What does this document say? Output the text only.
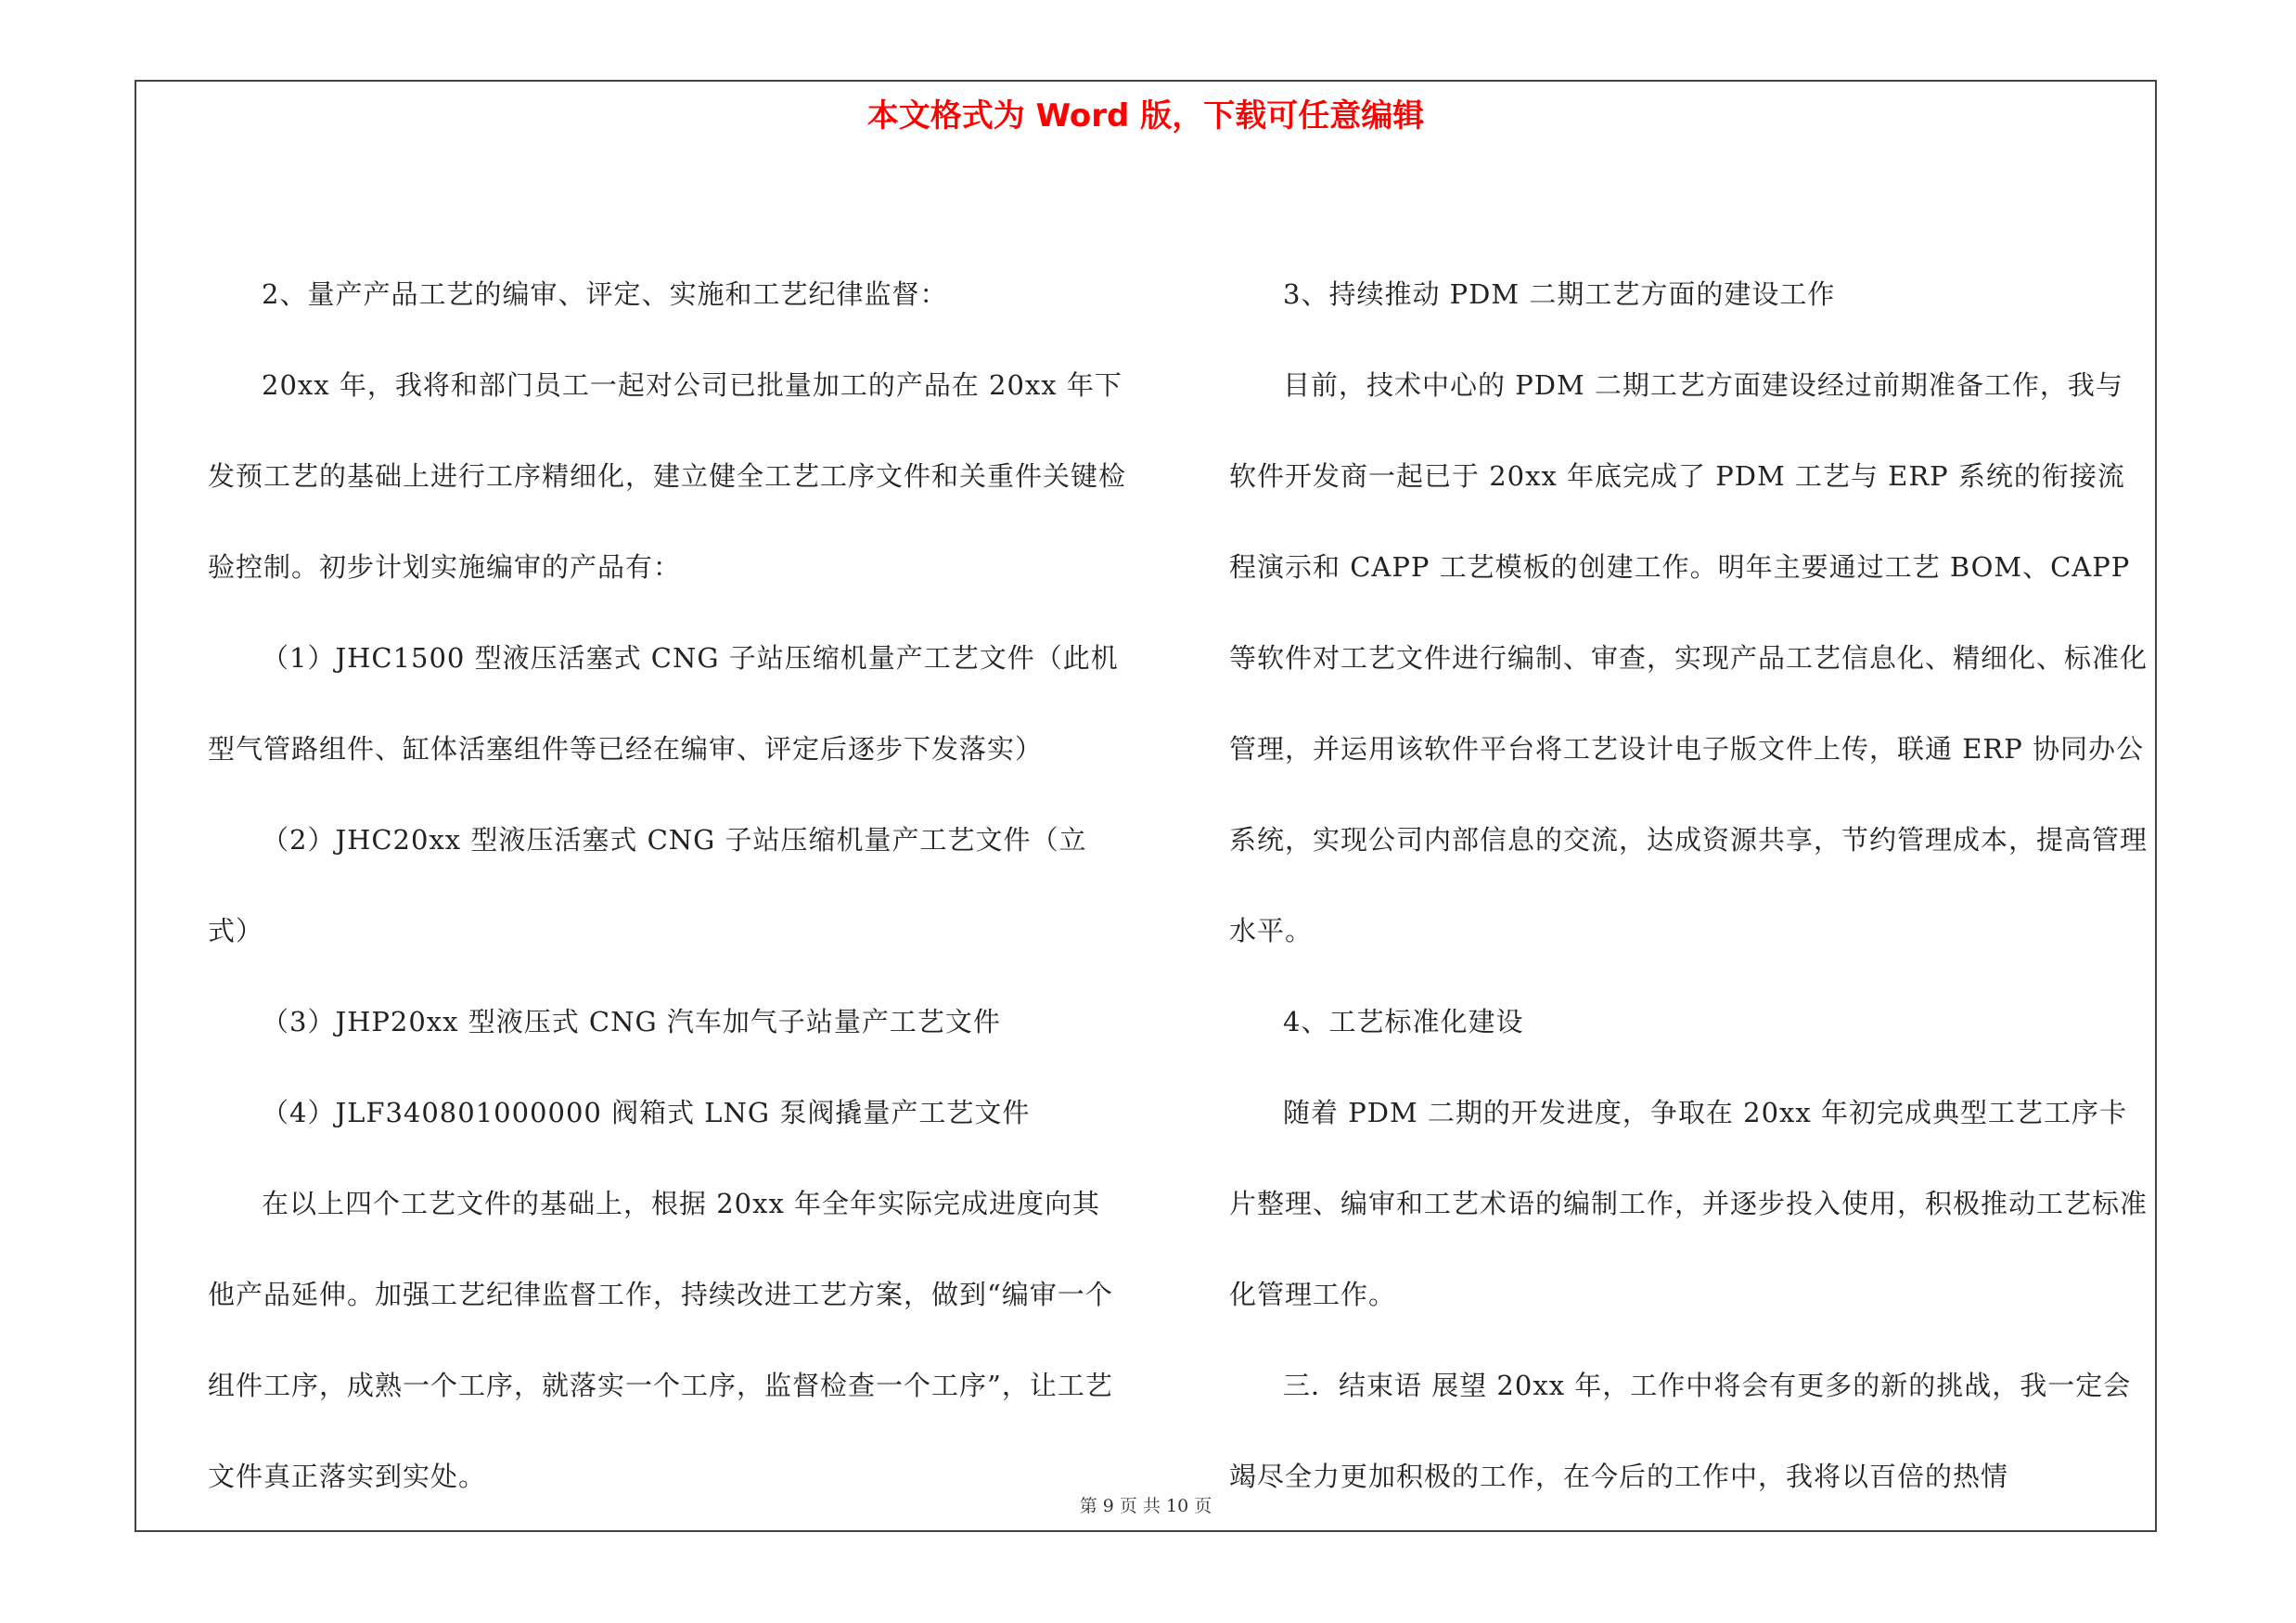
本文格式为 Word 版，下载可任意编辑

2、量产产品工艺的编审、评定、实施和工艺纪律监督：

20xx 年，我将和部门员工一起对公司已批量加工的产品在 20xx 年下发预工艺的基础上进行工序精细化，建立健全工艺工序文件和关重件关键检验控制。初步计划实施编审的产品有：

（1）JHC1500 型液压活塞式 CNG 子站压缩机量产工艺文件（此机型气管路组件、缸体活塞组件等已经在编审、评定后逐步下发落实）

（2）JHC20xx 型液压活塞式 CNG 子站压缩机量产工艺文件（立式）

（3）JHP20xx 型液压式 CNG 汽车加气子站量产工艺文件

（4）JLF340801000000 阀箱式 LNG 泵阀撬量产工艺文件

在以上四个工艺文件的基础上，根据 20xx 年全年实际完成进度向其他产品延伸。加强工艺纪律监督工作，持续改进工艺方案，做到“编审一个组件工序，成熟一个工序，就落实一个工序，监督检查一个工序”，让工艺文件真正落实到实处。

3、持续推动 PDM 二期工艺方面的建设工作

目前，技术中心的 PDM 二期工艺方面建设经过前期准备工作，我与软件开发商一起已于 20xx 年底完成了 PDM 工艺与 ERP 系统的衔接流程演示和 CAPP 工艺模板的创建工作。明年主要通过工艺 BOM、CAPP 等软件对工艺文件进行编制、审查，实现产品工艺信息化、精细化、标准化管理，并运用该软件平台将工艺设计电子版文件上传，联通 ERP 协同办公系统，实现公司内部信息的交流，达成资源共享，节约管理成本，提高管理水平。

4、工艺标准化建设

随着 PDM 二期的开发进度，争取在 20xx 年初完成典型工艺工序卡片整理、编审和工艺术语的编制工作，并逐步投入使用，积极推动工艺标准化管理工作。

三．结束语 展望 20xx 年，工作中将会有更多的新的挑战，我一定会竭尽全力更加积极的工作，在今后的工作中，我将以百倍的热情

第 9 页 共 10 页
